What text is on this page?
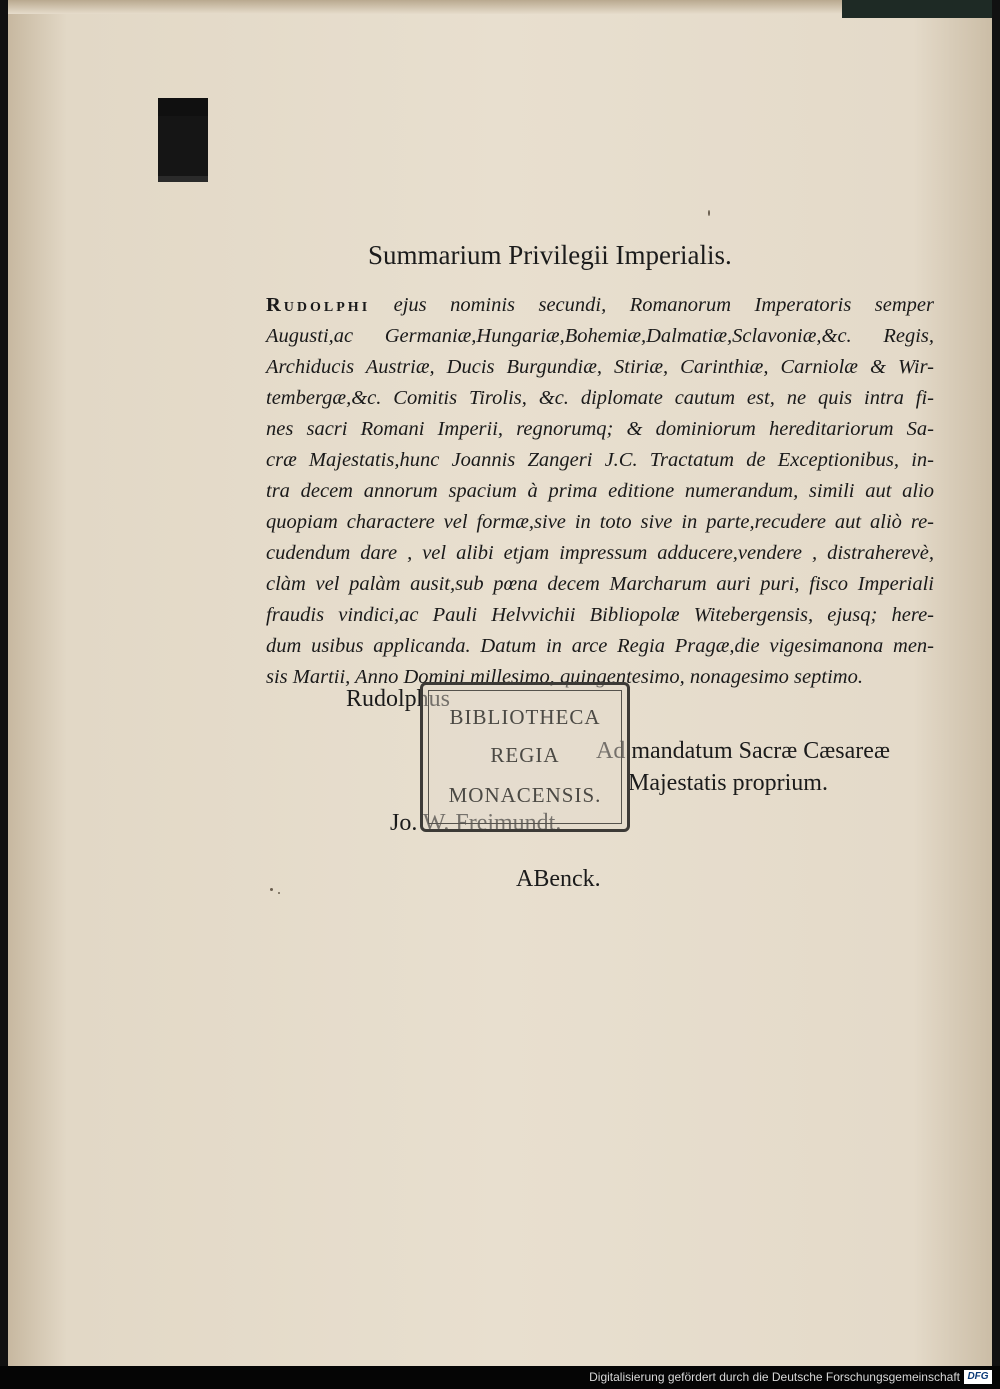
Summarium Privilegii Imperialis.
Rudolphi ejus nominis secundi, Romanorum Imperatoris semper
Augusti,ac Germaniæ,Hungariæ,Bohemiæ,Dalmatiæ,Sclavoniæ,&c. Regis,
Archiducis Austriæ, Ducis Burgundiæ, Stiriæ, Carinthiæ, Carniolæ & Wir-
tembergæ,&c. Comitis Tirolis, &c. diplomate cautum est, ne quis intra fi-
nes sacri Romani Imperii, regnorumq; & dominiorum hereditariorum Sa-
cræ Majestatis,hunc Joannis Zangeri J.C. Tractatum de Exceptionibus, in-
tra decem annorum spacium à prima editione numerandum, simili aut alio
quopiam charactere vel formæ,sive in toto sive in parte,recudere aut aliò re-
cudendum dare , vel alibi etjam impressum adducere,vendere , distraherevè,
clàm vel palàm ausit,sub pœna decem Marcharum auri puri, fisco Imperiali
fraudis vindici,ac Pauli Helvvichii Bibliopolæ Witebergensis, ejusq; here-
dum usibus applicanda. Datum in arce Regia Pragæ,die vigesimanona men-
sis Martii, Anno Domini millesimo, quingentesimo, nonagesimo septimo.
Rudolphus
Ad mandatum Sacræ Cæsareæ
Majestatis proprium.
Jo. W. Freimundt.
ABenck.
BIBLIOTHECA
REGIA
MONACENSIS.
Digitalisierung gefördert durch die Deutsche Forschungsgemeinschaft DFG
